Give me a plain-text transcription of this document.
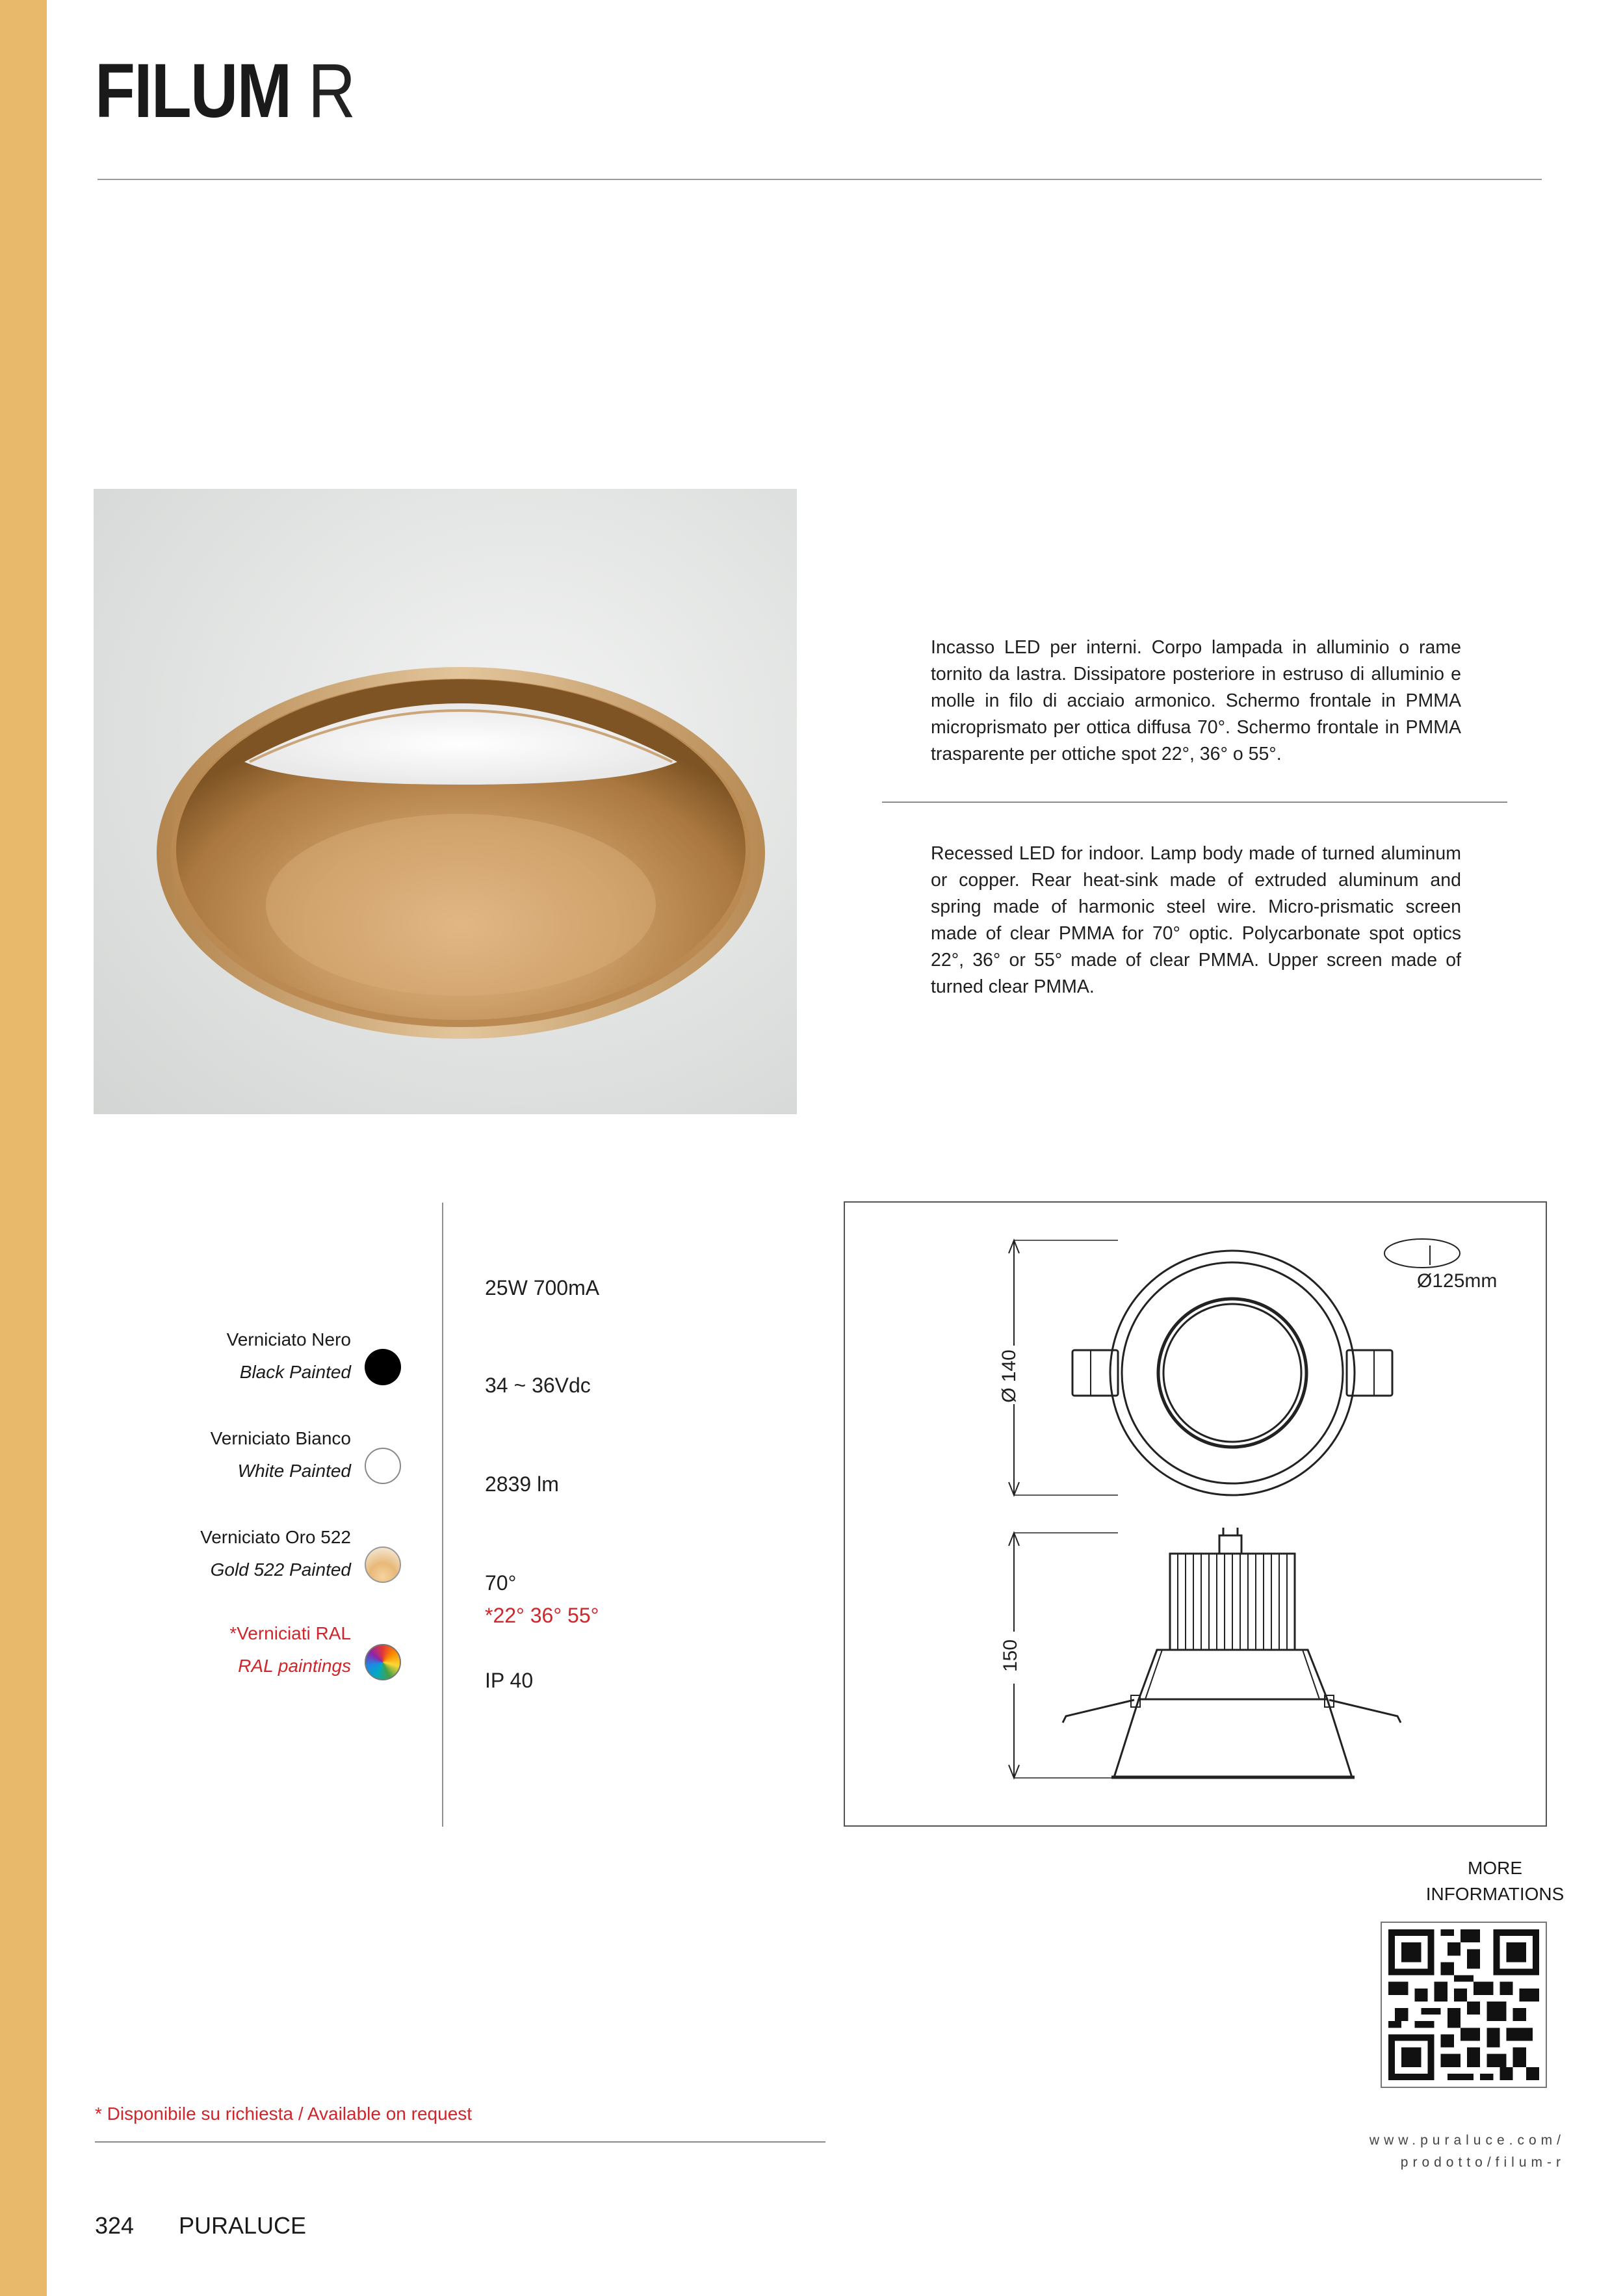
FILUM R
Incasso LED per interni. Corpo lampada in alluminio o rame tornito da lastra. Dissipatore posteriore in estruso di alluminio e molle in filo di acciaio armonico. Schermo frontale in PMMA microprismato per ottica diffusa 70°. Schermo frontale in PMMA trasparente per ottiche spot 22°, 36° o 55°.
Recessed LED for indoor. Lamp body made of turned aluminum or copper. Rear heat-sink made of extruded aluminum and spring made of harmonic steel wire. Micro-prismatic screen made of clear PMMA for 70° optic. Polycarbonate spot optics 22°, 36° or 55° made of clear PMMA. Upper screen made of turned clear PMMA.
Verniciato Nero
Black Painted
Verniciato Bianco
White Painted
Verniciato Oro 522
Gold 522 Painted
*Verniciati RAL
RAL paintings
25W 700mA
34 ~ 36Vdc
2839 lm
70°
*22° 36° 55°
IP 40
Ø125mm
Ø 140
150
MORE
INFORMATIONS
www.puraluce.com/
prodotto/filum-r
* Disponibile su richiesta / Available on request
324 PURALUCE
